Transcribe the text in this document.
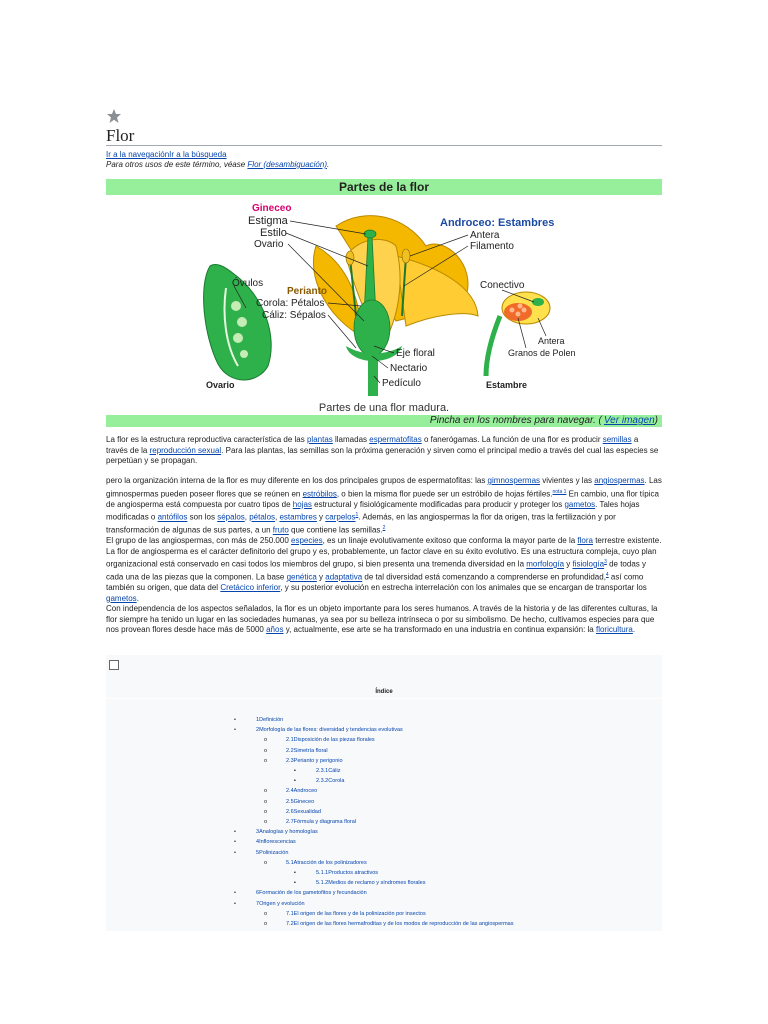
Flor
Ir a la navegaciónIr a la búsqueda
Para otros usos de este término, véase Flor (desambiguación).
Partes de la flor
Óvulos
Ovario
Gineceo
Estigma
Estilo
Ovario
Perianto
Corola: Pétalos
Cáliz: Sépalos
Androceo: Estambres
Antera
Filamento
Eje floral
Nectario
Pedículo
Conectivo
Antera
Granos de Polen
Estambre
Partes de una flor madura.
Pincha en los nombres para navegar. ( Ver imagen)

La flor es la estructura reproductiva característica de las plantas llamadas espermatofitas o fanerógamas. La función de una flor es producir semillas a través de la reproducción sexual. Para las plantas, las semillas son la próxima generación y sirven como el principal medio a través del cual las especies se perpetúan y se propagan.

pero la organización interna de la flor es muy diferente en los dos principales grupos de espermatofitas: las gimnospermas vivientes y las angiospermas. Las gimnospermas pueden poseer flores que se reúnen en estróbilos, o bien la misma flor puede ser un estróbilo de hojas fértiles.$^{nota 1}$ En cambio, una flor típica de angiosperma está compuesta por cuatro tipos de hojas estructural y fisiológicamente modificadas para producir y proteger los gametos. Tales hojas modificadas o antófilos son los sépalos, pétalos, estambres y carpelos$^1$. Además, en las angiospermas la flor da origen, tras la fertilización y por transformación de algunas de sus partes, a un fruto que contiene las semillas.$^2$

El grupo de las angiospermas, con más de 250.000 especies, es un linaje evolutivamente exitoso que conforma la mayor parte de la flora terrestre existente. La flor de angiosperma es el carácter definitorio del grupo y es, probablemente, un factor clave en su éxito evolutivo. Es una estructura compleja, cuyo plan organizacional está conservado en casi todos los miembros del grupo, si bien presenta una tremenda diversidad en la morfología y fisiología$^3$ de todas y cada una de las piezas que la componen. La base genética y adaptativa de tal diversidad está comenzando a comprenderse en profundidad,$^4$ así como también su origen, que data del Cretácico inferior, y su posterior evolución en estrecha interrelación con los animales que se encargan de transportar los gametos.

Con independencia de los aspectos señalados, la flor es un objeto importante para los seres humanos. A través de la historia y de las diferentes culturas, la flor siempre ha tenido un lugar en las sociedades humanas, ya sea por su belleza intrínseca o por su simbolismo. De hecho, cultivamos especies para que nos provean flores desde hace más de 5000 años y, actualmente, ese arte se ha transformado en una industria en continua expansión: la floricultura.

Índice
•	1Definición
•	2Morfología de las flores: diversidad y tendencias evolutivas
o	2.1Disposición de las piezas florales
o	2.2Simetría floral
o	2.3Perianto y perigonio
▪	2.3.1Cáliz
▪	2.3.2Corola
o	2.4Androceo
o	2.5Gineceo
o	2.6Sexualidad
o	2.7Fórmula y diagrama floral
•	3Analogías y homologías
•	4Inflorescencias
•	5Polinización
o	5.1Atracción de los polinizadores
▪	5.1.1Productos atractivos
▪	5.1.2Medios de reclamo y síndromes florales
•	6Formación de los gametofitos y fecundación
•	7Origen y evolución
o	7.1El origen de las flores y de la polinización por insectos
o	7.2El origen de las flores hermafroditas y de los modos de reproducción de las angiospermas
